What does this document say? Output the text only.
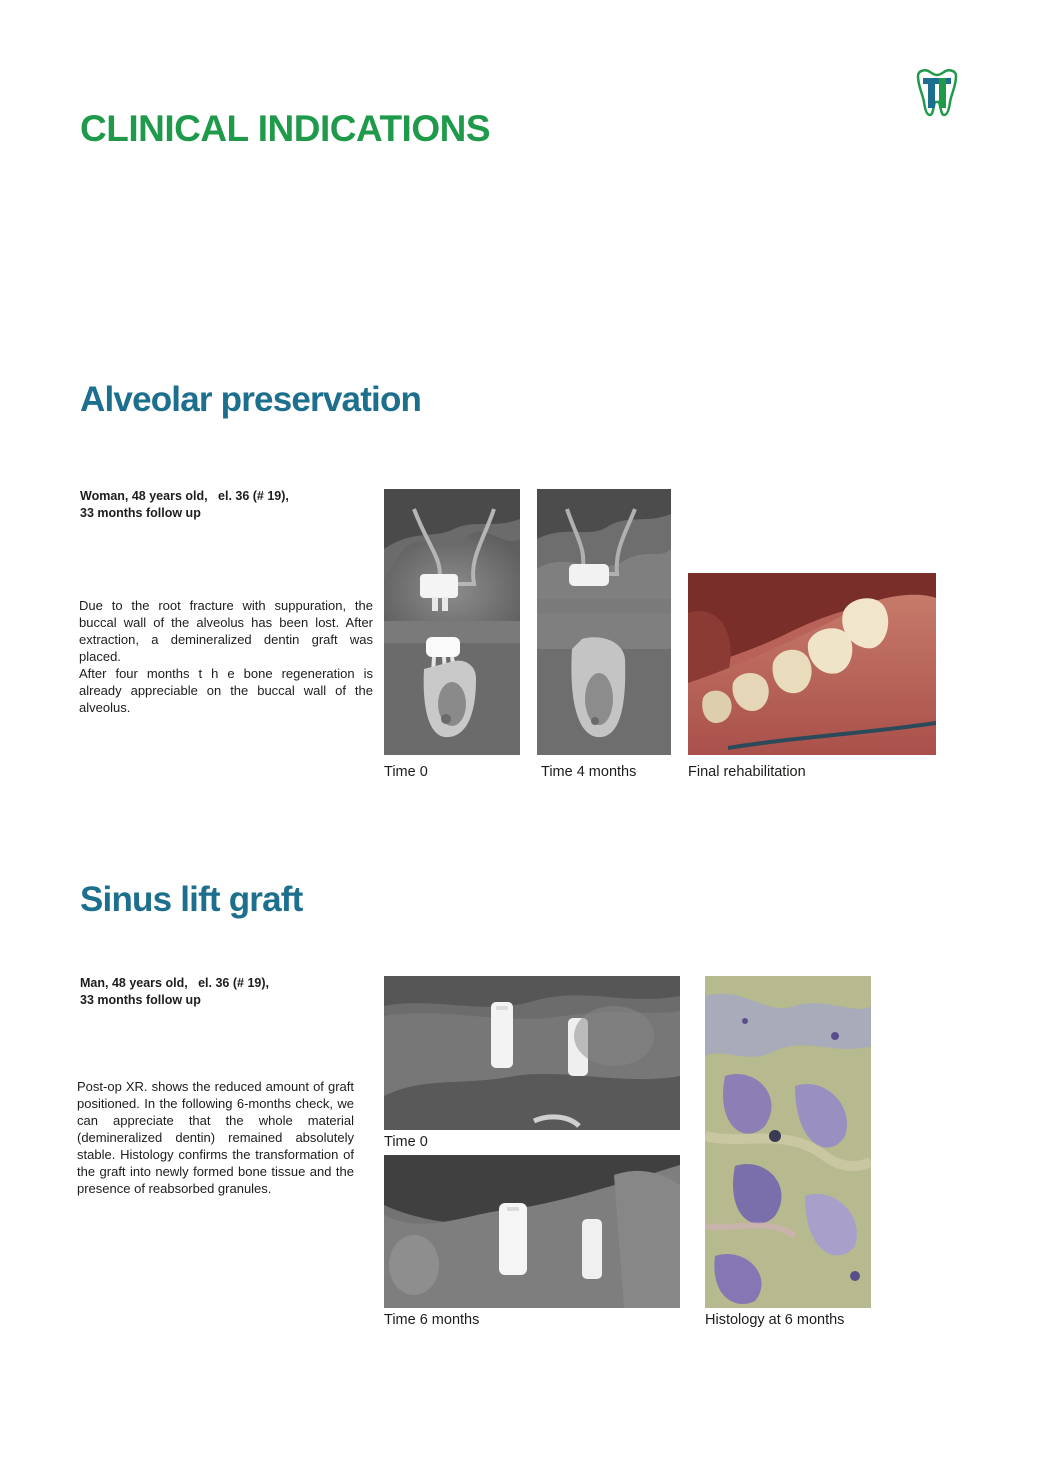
CLINICAL INDICATIONS
Alveolar preservation
Woman, 48 years old,   el. 36 (# 19),
33 months follow up
Due to the root fracture with suppuration, the buccal wall of the alveolus has been lost. After extraction, a demineralized dentin graft was placed.
After four months t h e bone regeneration is already appreciable on the buccal wall of the alveolus.
Time 0	Time 4 months	Final rehabilitation
Sinus lift graft
Man, 48 years old,   el. 36 (# 19),
33 months follow up
Post-op XR. shows the reduced amount of graft positioned. In the following 6-months check, we can appreciate that the whole material (demineralized dentin) remained absolutely stable. Histology confirms the transformation of the graft into newly formed bone tissue and the presence of reabsorbed granules.
Time 0
Time 6 months	Histology at 6 months
